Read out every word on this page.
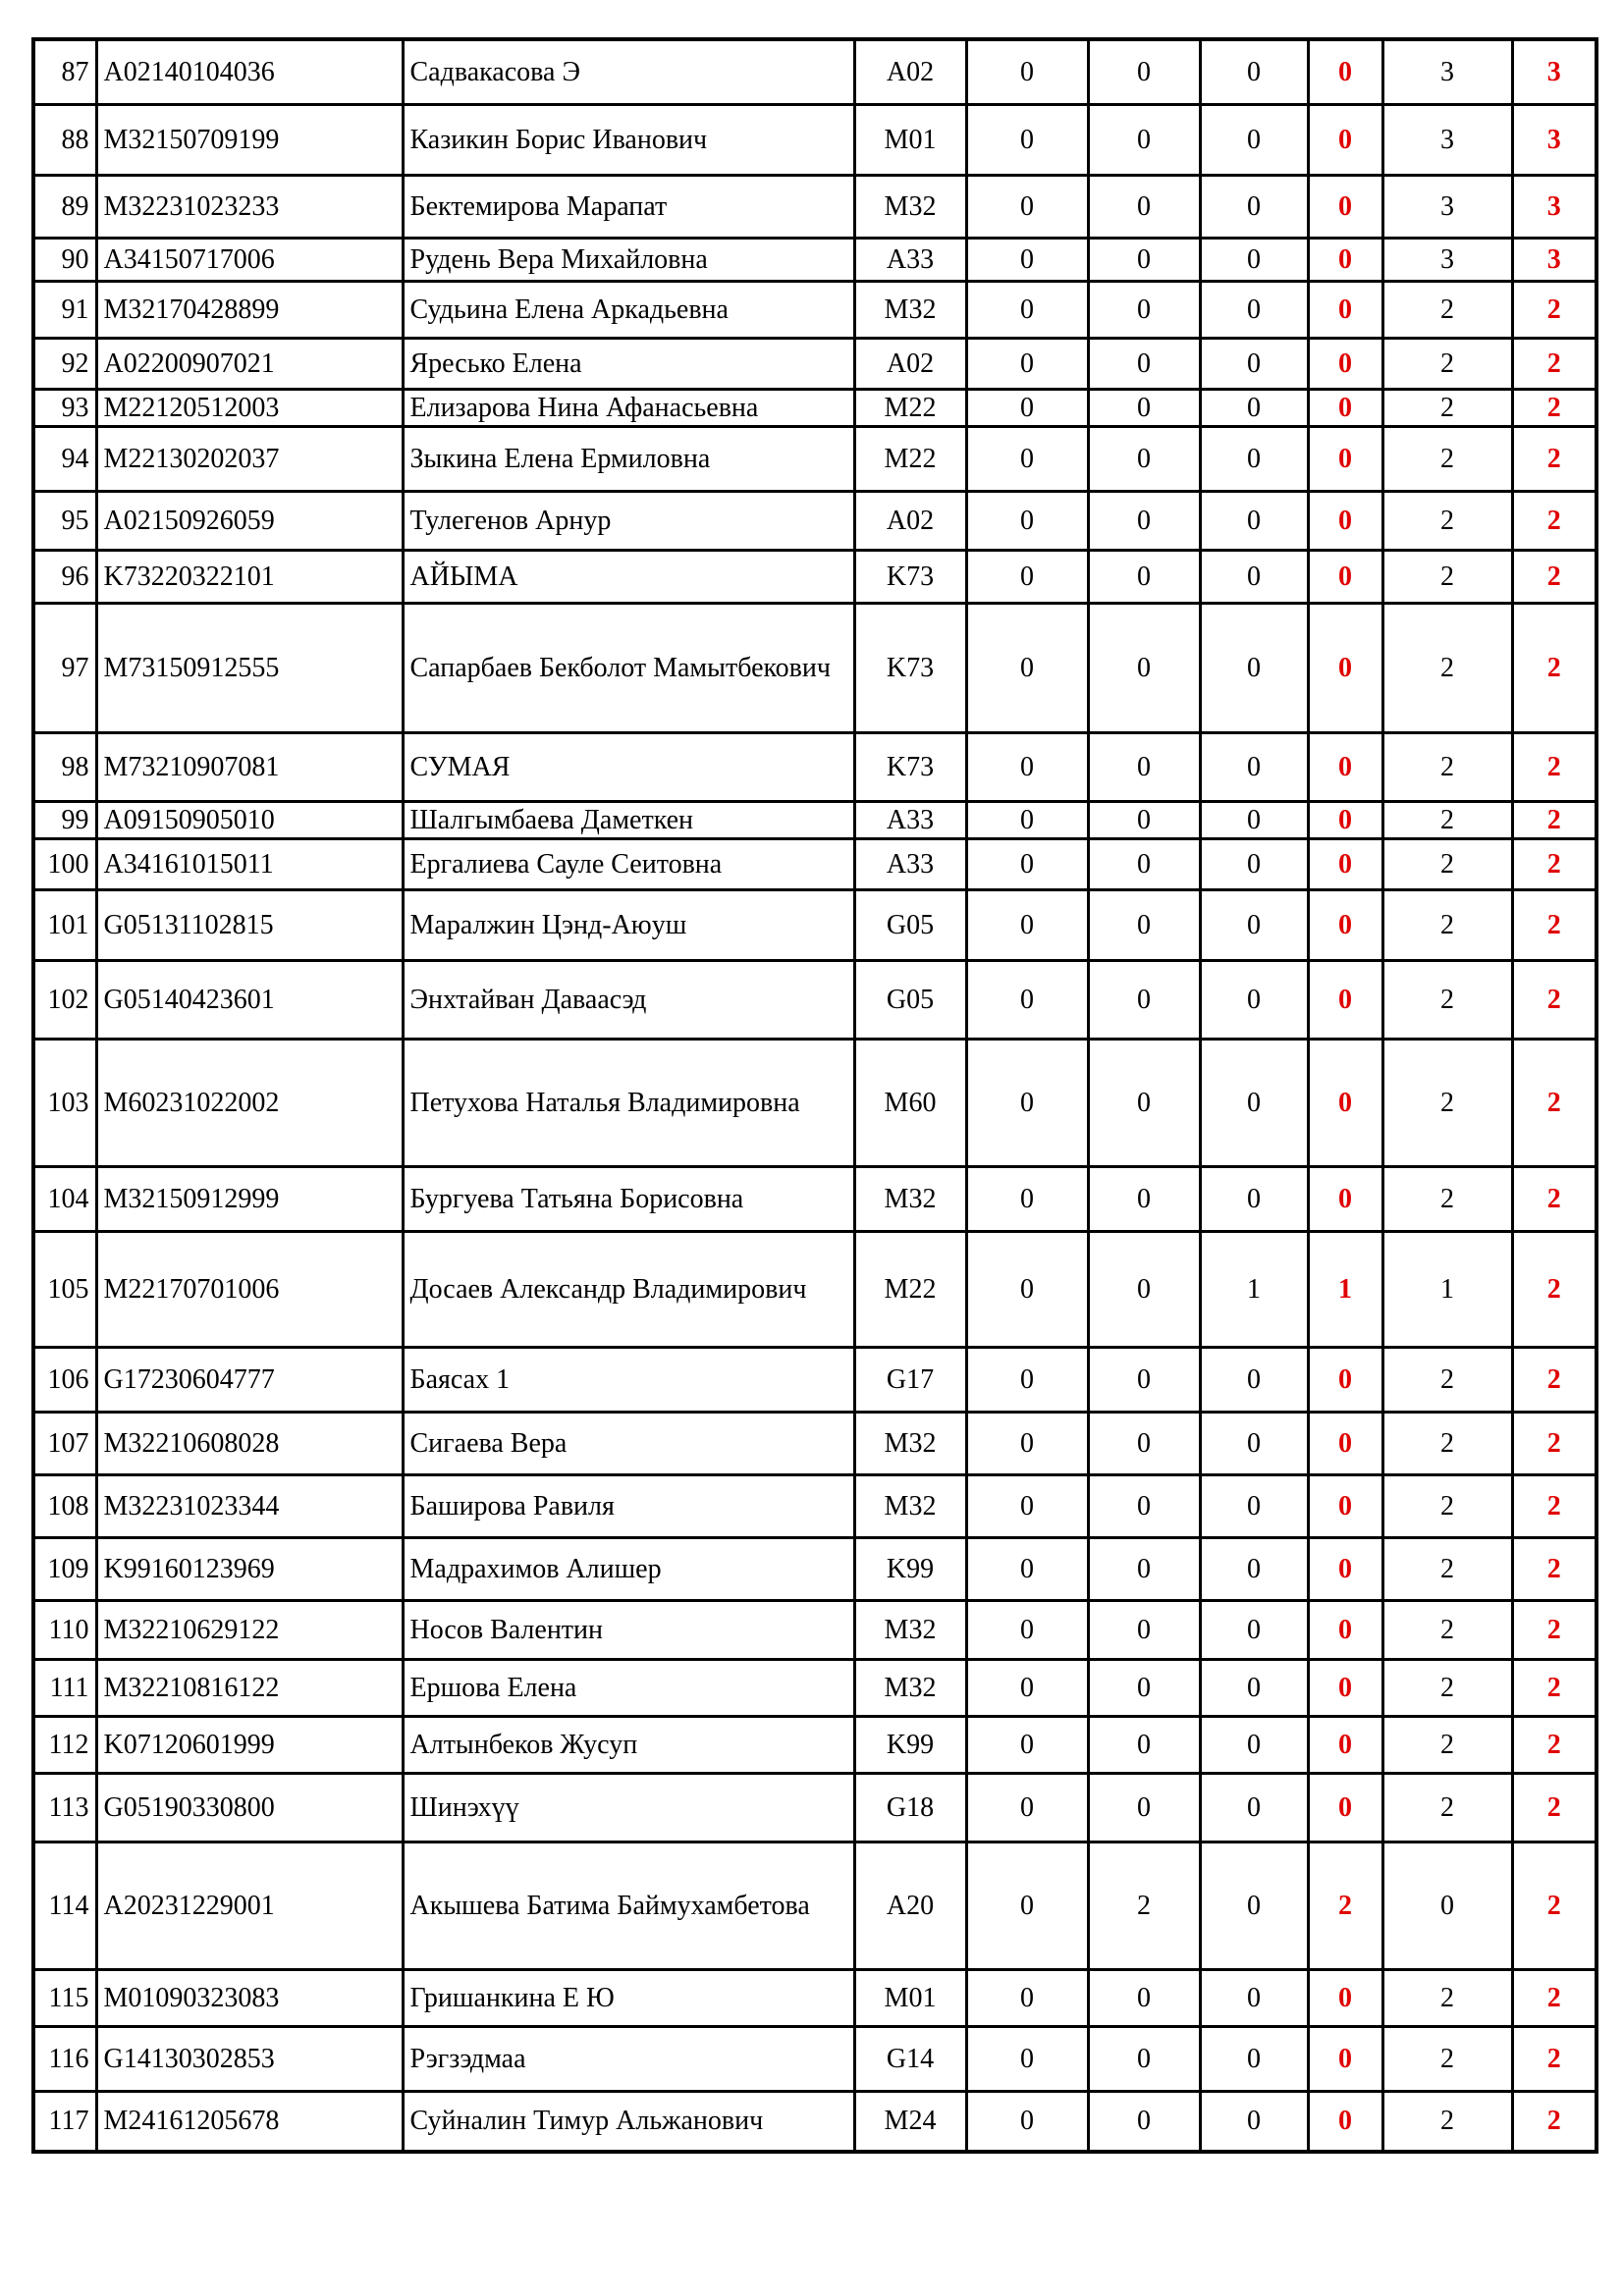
87	A02140104036	Садвакасова Э	A02	0	0	0	0	3	3
88	M32150709199	Казикин Борис Иванович	M01	0	0	0	0	3	3
89	M32231023233	Бектемирова Марапат	M32	0	0	0	0	3	3
90	A34150717006	Рудень Вера Михайловна	A33	0	0	0	0	3	3
91	M32170428899	Судьина Елена Аркадьевна	M32	0	0	0	0	2	2
92	A02200907021	Яресько Елена	A02	0	0	0	0	2	2
93	M22120512003	Елизарова Нина Афанасьевна	M22	0	0	0	0	2	2
94	M22130202037	Зыкина Елена Ермиловна	M22	0	0	0	0	2	2
95	A02150926059	Тулегенов Арнур	A02	0	0	0	0	2	2
96	K73220322101	АЙЫМА	K73	0	0	0	0	2	2
97	M73150912555	Сапарбаев Бекболот Мамытбекович	K73	0	0	0	0	2	2
98	M73210907081	СУМАЯ	K73	0	0	0	0	2	2
99	A09150905010	Шалгымбаева Даметкен	A33	0	0	0	0	2	2
100	A34161015011	Ергалиева Сауле Сеитовна	A33	0	0	0	0	2	2
101	G05131102815	Маралжин Цэнд-Аюуш	G05	0	0	0	0	2	2
102	G05140423601	Энхтайван Даваасэд	G05	0	0	0	0	2	2
103	M60231022002	Петухова Наталья Владимировна	M60	0	0	0	0	2	2
104	M32150912999	Бургуева Татьяна Борисовна	M32	0	0	0	0	2	2
105	M22170701006	Досаев Александр Владимирович	M22	0	0	1	1	1	2
106	G17230604777	Баясах 1	G17	0	0	0	0	2	2
107	M32210608028	Сигаева Вера	M32	0	0	0	0	2	2
108	M32231023344	Баширова Равиля	M32	0	0	0	0	2	2
109	K99160123969	Мадрахимов Алишер	K99	0	0	0	0	2	2
110	M32210629122	Носов Валентин	M32	0	0	0	0	2	2
111	M32210816122	Ершова Елена	M32	0	0	0	0	2	2
112	K07120601999	Алтынбеков Жусуп	K99	0	0	0	0	2	2
113	G05190330800	Шинэхүү	G18	0	0	0	0	2	2
114	A20231229001	Акышева Батима Баймухамбетова	A20	0	2	0	2	0	2
115	M01090323083	Гришанкина Е Ю	M01	0	0	0	0	2	2
116	G14130302853	Рэгзэдмаа	G14	0	0	0	0	2	2
117	M24161205678	Суйналин Тимур Альжанович	M24	0	0	0	0	2	2
